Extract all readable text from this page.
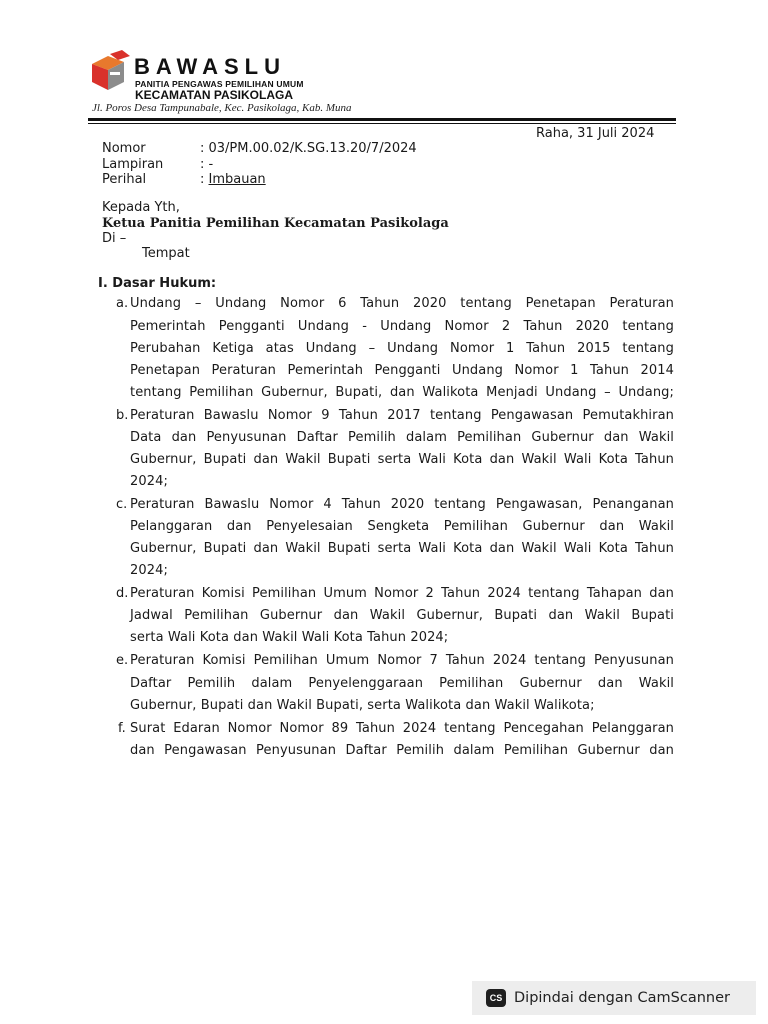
BAWASLU
PANITIA PENGAWAS PEMILIHAN UMUM
KECAMATAN PASIKOLAGA
Jl. Poros Desa Tampunabale, Kec. Pasikolaga, Kab. Muna
Raha, 31 Juli 2024
Nomor	: 03/PM.00.02/K.SG.13.20/7/2024
Lampiran	: -
Perihal	: Imbauan
Kepada Yth,
Ketua Panitia Pemilihan Kecamatan Pasikolaga
Di –
Tempat
I. Dasar Hukum:
a.
b.
c.
d.
e.
f.
Undang – Undang Nomor 6 Tahun 2020 tentang Penetapan Peraturan
Pemerintah Pengganti Undang - Undang Nomor 2 Tahun 2020 tentang
Perubahan Ketiga atas Undang – Undang Nomor 1 Tahun 2015 tentang
Penetapan Peraturan Pemerintah Pengganti Undang Nomor 1 Tahun 2014
tentang Pemilihan Gubernur, Bupati, dan Walikota Menjadi Undang – Undang;
Peraturan Bawaslu Nomor 9 Tahun 2017 tentang Pengawasan Pemutakhiran
Data dan Penyusunan Daftar Pemilih dalam Pemilihan Gubernur dan Wakil
Gubernur, Bupati dan Wakil Bupati serta Wali Kota dan Wakil Wali Kota Tahun
2024;
Peraturan Bawaslu Nomor 4 Tahun 2020 tentang Pengawasan, Penanganan
Pelanggaran dan Penyelesaian Sengketa Pemilihan Gubernur dan Wakil
Gubernur, Bupati dan Wakil Bupati serta Wali Kota dan Wakil Wali Kota Tahun
2024;
Peraturan Komisi Pemilihan Umum Nomor 2 Tahun 2024 tentang Tahapan dan
Jadwal Pemilihan Gubernur dan Wakil Gubernur, Bupati dan Wakil Bupati
serta Wali Kota dan Wakil Wali Kota Tahun 2024;
Peraturan Komisi Pemilihan Umum Nomor 7 Tahun 2024 tentang Penyusunan
Daftar Pemilih dalam Penyelenggaraan Pemilihan Gubernur dan Wakil
Gubernur, Bupati dan Wakil Bupati, serta Walikota dan Wakil Walikota;
Surat Edaran Nomor Nomor 89 Tahun 2024 tentang Pencegahan Pelanggaran
dan Pengawasan Penyusunan Daftar Pemilih dalam Pemilihan Gubernur dan
CS Dipindai dengan CamScanner
